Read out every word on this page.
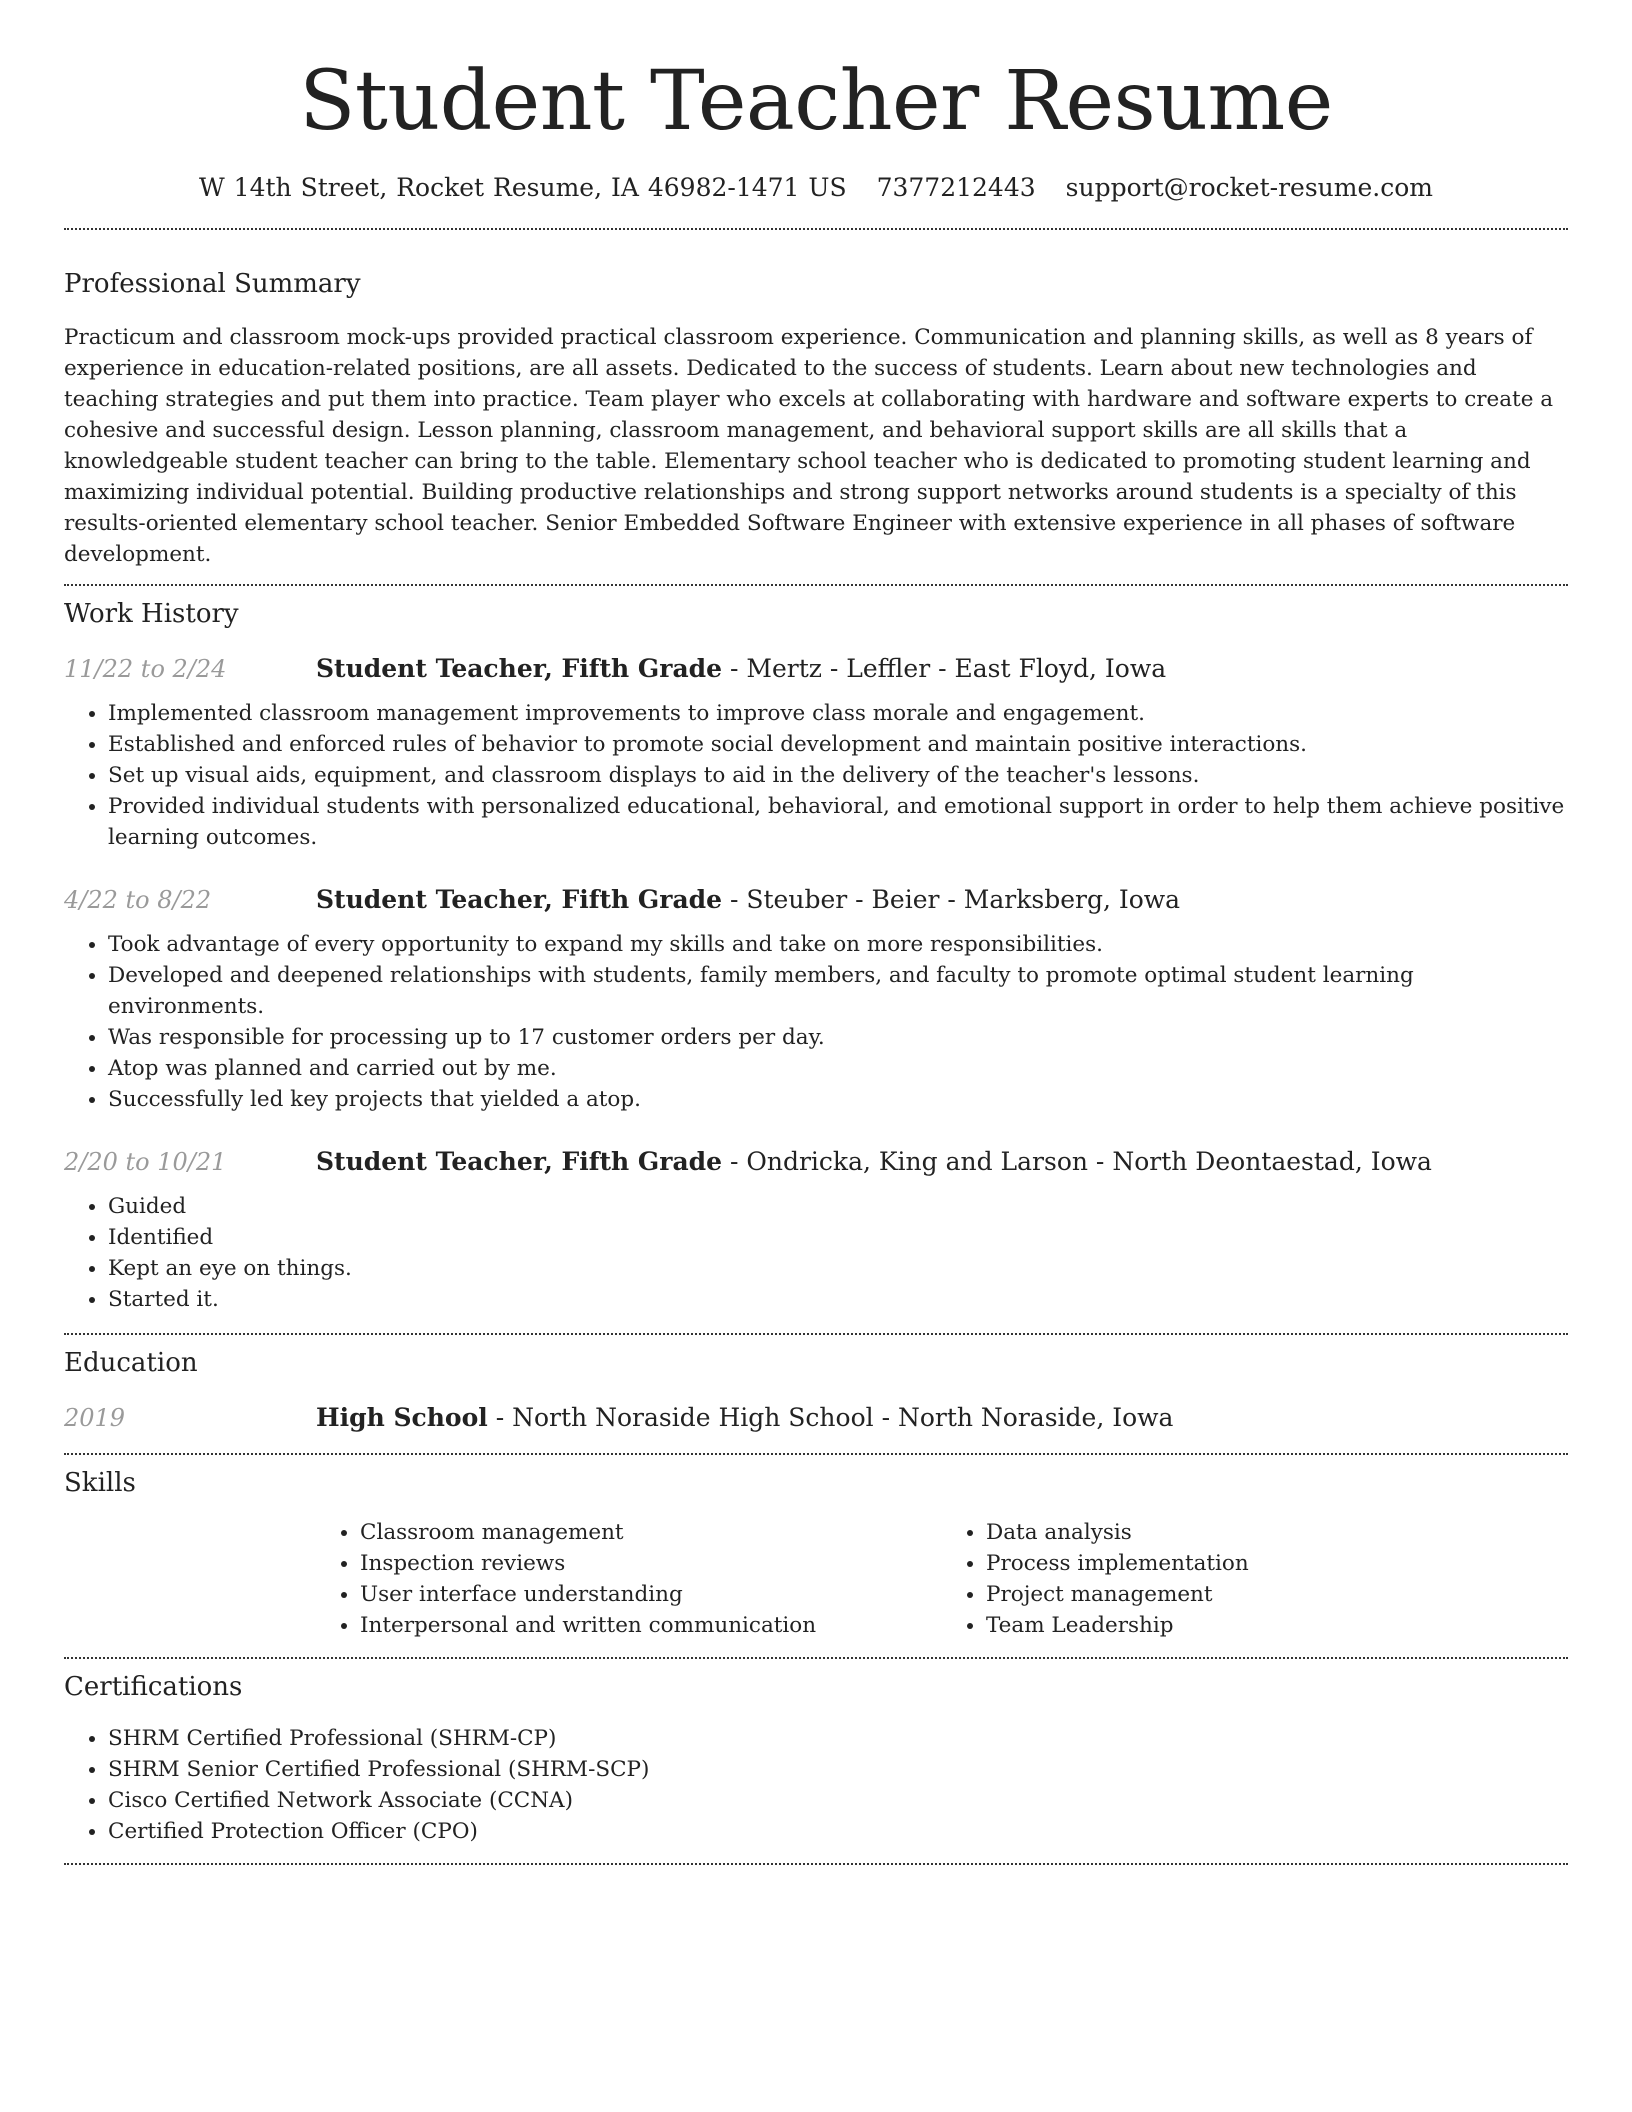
Student Teacher Resume
W 14th Street, Rocket Resume, IA 46982-1471 US 7377212443 support@rocket-resume.com
Professional Summary

Practicum and classroom mock-ups provided practical classroom experience. Communication and planning skills, as well as 8 years of experience in education-related positions, are all assets. Dedicated to the success of students. Learn about new technologies and teaching strategies and put them into practice. Team player who excels at collaborating with hardware and software experts to create a cohesive and successful design. Lesson planning, classroom management, and behavioral support skills are all skills that a knowledgeable student teacher can bring to the table. Elementary school teacher who is dedicated to promoting student learning and maximizing individual potential. Building productive relationships and strong support networks around students is a specialty of this results-oriented elementary school teacher. Senior Embedded Software Engineer with extensive experience in all phases of software development.

Work History
11/22 to 2/24	Student Teacher, Fifth Grade - Mertz - Leffler - East Floyd, Iowa
• Implemented classroom management improvements to improve class morale and engagement.
• Established and enforced rules of behavior to promote social development and maintain positive interactions.
• Set up visual aids, equipment, and classroom displays to aid in the delivery of the teacher's lessons.
• Provided individual students with personalized educational, behavioral, and emotional support in order to help them achieve positive learning outcomes.
4/22 to 8/22	Student Teacher, Fifth Grade - Steuber - Beier - Marksberg, Iowa
• Took advantage of every opportunity to expand my skills and take on more responsibilities.
• Developed and deepened relationships with students, family members, and faculty to promote optimal student learning environments.
• Was responsible for processing up to 17 customer orders per day.
• Atop was planned and carried out by me.
• Successfully led key projects that yielded a atop.
2/20 to 10/21	Student Teacher, Fifth Grade - Ondricka, King and Larson - North Deontaestad, Iowa
• Guided
• Identified
• Kept an eye on things.
• Started it.
Education
2019	High School - North Noraside High School - North Noraside, Iowa
Skills
• Classroom management
• Inspection reviews
• User interface understanding
• Interpersonal and written communication
• Data analysis
• Process implementation
• Project management
• Team Leadership
Certifications
• SHRM Certified Professional (SHRM-CP)
• SHRM Senior Certified Professional (SHRM-SCP)
• Cisco Certified Network Associate (CCNA)
• Certified Protection Officer (CPO)
